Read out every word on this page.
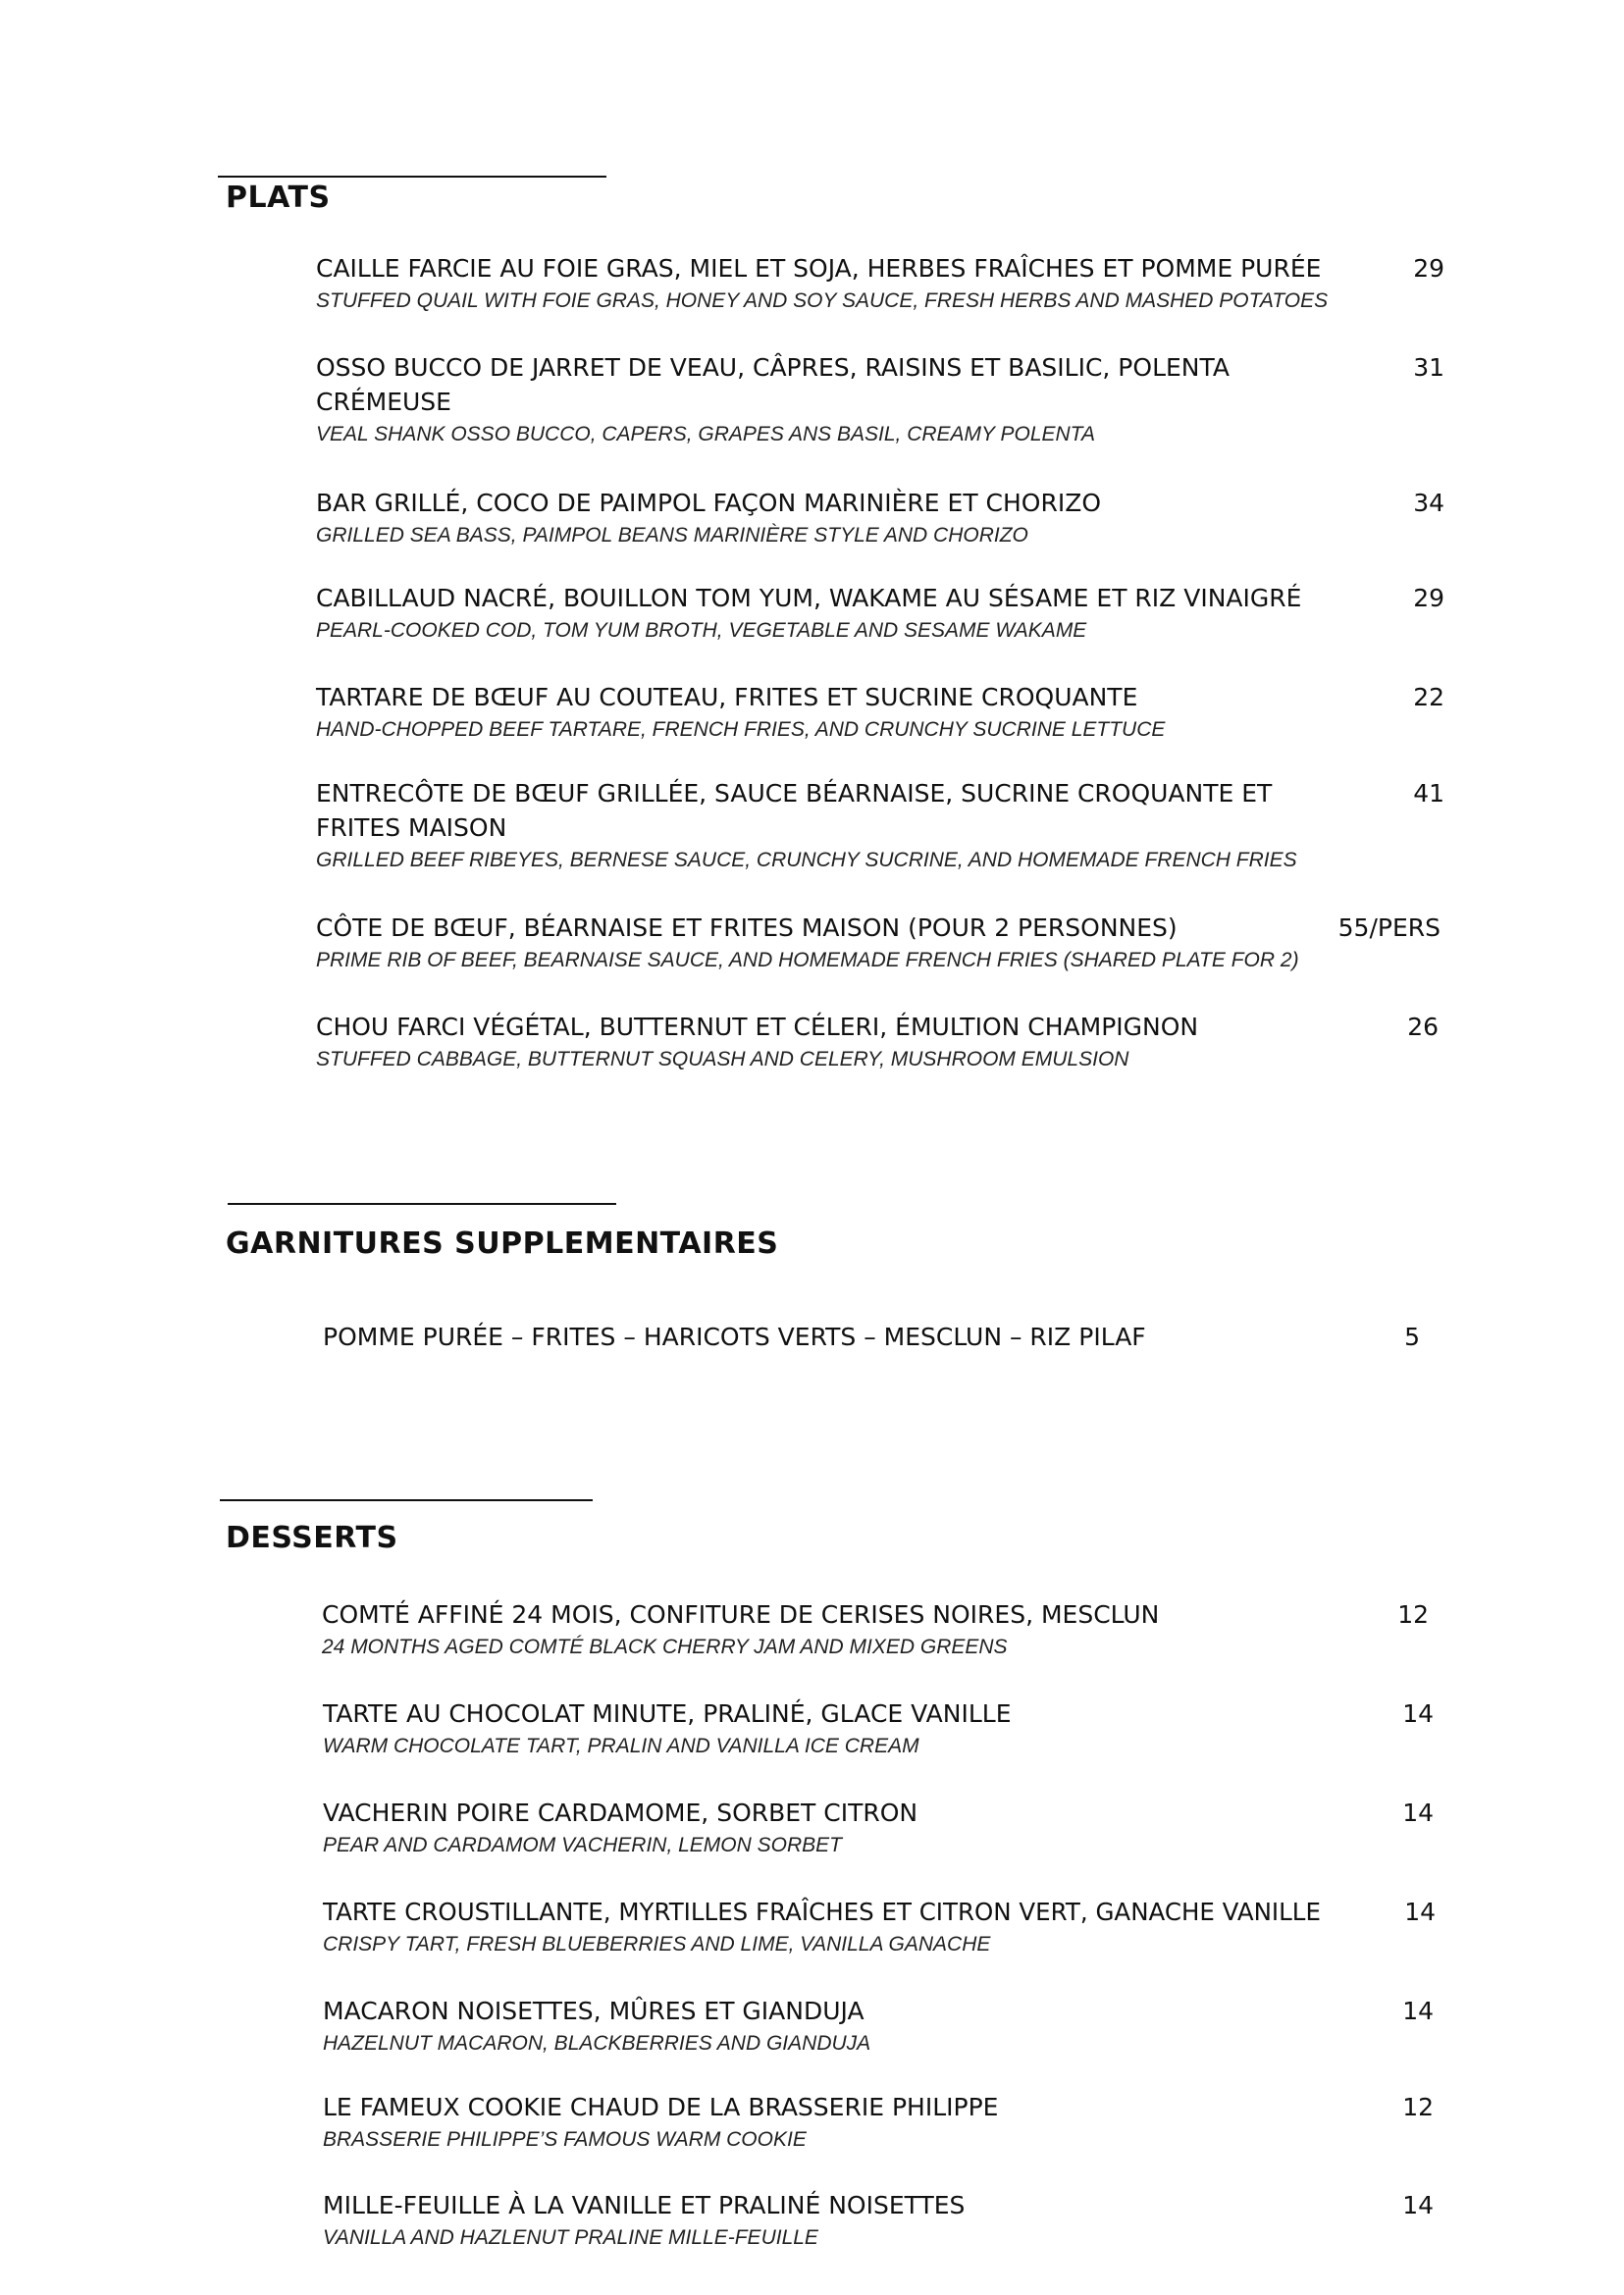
PLATS
CAILLE FARCIE AU FOIE GRAS, MIEL ET SOJA, HERBES FRAÎCHES ET POMME PURÉE
STUFFED QUAIL WITH FOIE GRAS, HONEY AND SOY SAUCE, FRESH HERBS AND MASHED POTATOES
29
OSSO BUCCO DE JARRET DE VEAU, CÂPRES, RAISINS ET BASILIC, POLENTA CRÉMEUSE
VEAL SHANK OSSO BUCCO, CAPERS, GRAPES ANS BASIL, CREAMY POLENTA
31
BAR GRILLÉ, COCO DE PAIMPOL FAÇON MARINIÈRE ET CHORIZO
GRILLED SEA BASS, PAIMPOL BEANS MARINIÈRE STYLE AND CHORIZO
34
CABILLAUD NACRÉ, BOUILLON TOM YUM, WAKAME AU SÉSAME ET RIZ VINAIGRÉ
PEARL-COOKED COD, TOM YUM BROTH, VEGETABLE AND SESAME WAKAME
29
TARTARE DE BŒUF AU COUTEAU, FRITES ET SUCRINE CROQUANTE
HAND-CHOPPED BEEF TARTARE, FRENCH FRIES, AND CRUNCHY SUCRINE LETTUCE
22
ENTRECÔTE DE BŒUF GRILLÉE, SAUCE BÉARNAISE, SUCRINE CROQUANTE ET FRITES MAISON
GRILLED BEEF RIBEYES, BERNESE SAUCE, CRUNCHY SUCRINE, AND HOMEMADE FRENCH FRIES
41
CÔTE DE BŒUF, BÉARNAISE ET FRITES MAISON (POUR 2 PERSONNES)
PRIME RIB OF BEEF, BEARNAISE SAUCE, AND HOMEMADE FRENCH FRIES (SHARED PLATE FOR 2)
55/PERS
CHOU FARCI VÉGÉTAL, BUTTERNUT ET CÉLERI, ÉMULTION CHAMPIGNON
STUFFED CABBAGE, BUTTERNUT SQUASH AND CELERY, MUSHROOM EMULSION
26
GARNITURES SUPPLEMENTAIRES
POMME PURÉE – FRITES – HARICOTS VERTS – MESCLUN – RIZ PILAF	5
DESSERTS
COMTÉ AFFINÉ 24 MOIS, CONFITURE DE CERISES NOIRES, MESCLUN
24 MONTHS AGED COMTÉ BLACK CHERRY JAM AND MIXED GREENS
12
TARTE AU CHOCOLAT MINUTE, PRALINÉ, GLACE VANILLE
WARM CHOCOLATE TART, PRALIN AND VANILLA ICE CREAM
14
VACHERIN POIRE CARDAMOME, SORBET CITRON
PEAR AND CARDAMOM VACHERIN, LEMON SORBET
14
TARTE CROUSTILLANTE, MYRTILLES FRAÎCHES ET CITRON VERT, GANACHE VANILLE
CRISPY TART, FRESH BLUEBERRIES AND LIME, VANILLA GANACHE
14
MACARON NOISETTES, MÛRES ET GIANDUJA
HAZELNUT MACARON, BLACKBERRIES AND GIANDUJA
14
LE FAMEUX COOKIE CHAUD DE LA BRASSERIE PHILIPPE
BRASSERIE PHILIPPE’S FAMOUS WARM COOKIE
12
MILLE-FEUILLE À LA VANILLE ET PRALINÉ NOISETTES
VANILLA AND HAZLENUT PRALINE MILLE-FEUILLE
14
